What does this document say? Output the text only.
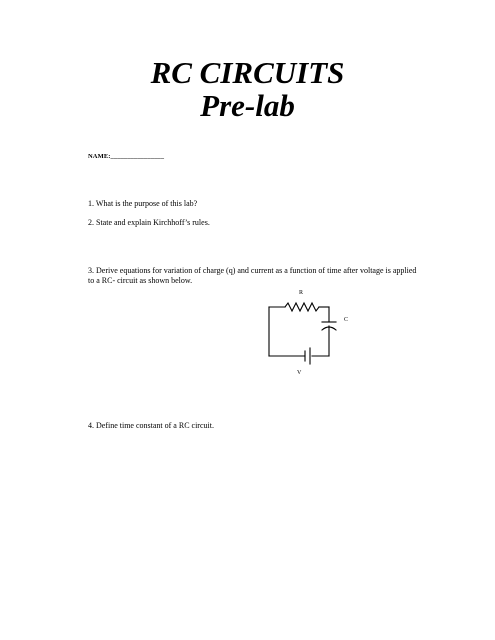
RC CIRCUITS
Pre-lab
NAME:________________
1. What is the purpose of this lab?
2. State and explain Kirchhoff’s rules.
3. Derive equations for variation of charge (q) and current as a function of time after voltage is applied to a RC- circuit as shown below.
R
C
V
4. Define time constant of a RC circuit.
